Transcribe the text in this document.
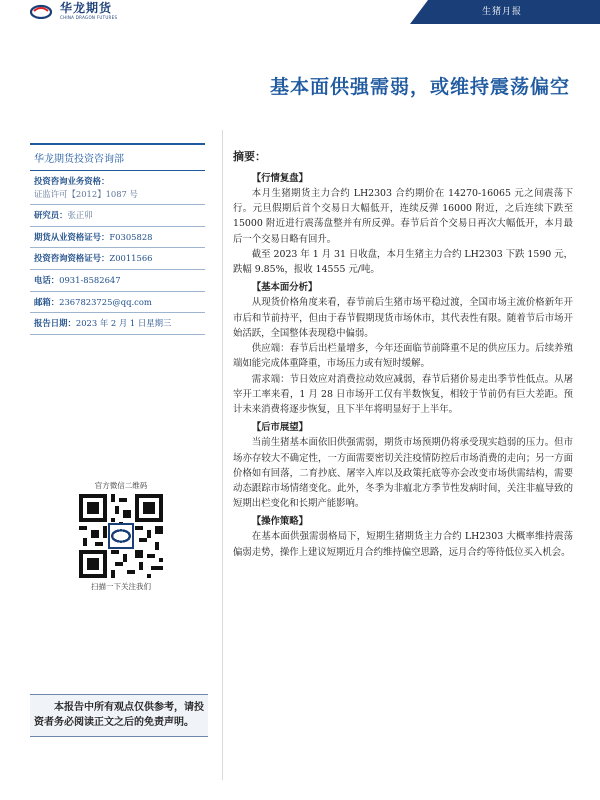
华龙期货
CHINA DRAGON FUTURES
生猪月报
基本面供强需弱，或维持震荡偏空
华龙期货投资咨询部
投资咨询业务资格：
证监许可【2012】1087 号
研究员：张正卯
期货从业资格证号：F0305828
投资咨询资格证号：Z0011566
电话：0931-8582647
邮箱：2367823725@qq.com
报告日期：2023 年 2 月 1 日星期三
官方微信二维码
扫描一下关注我们
本报告中所有观点仅供参考，请投资者务必阅读正文之后的免责声明。
摘要：
【行情复盘】

本月生猪期货主力合约 LH2303 合约期价在 14270-16065 元之间震荡下行。元旦假期后首个交易日大幅低开，连续反弹 16000 附近，之后连续下跌至 15000 附近进行震荡盘整并有所反弹。春节后首个交易日再次大幅低开，本月最后一个交易日略有回升。

截至 2023 年 1 月 31 日收盘，本月生猪主力合约 LH2303 下跌 1590 元，跌幅 9.85%，报收 14555 元/吨。

【基本面分析】

从现货价格角度来看，春节前后生猪市场平稳过渡，全国市场主流价格新年开市后和节前持平，但由于春节假期现货市场休市，其代表性有限。随着节后市场开始活跃，全国整体表现稳中偏弱。

供应端：春节后出栏量增多，今年还面临节前降重不足的供应压力。后续养殖端如能完成体重降重，市场压力或有短时缓解。

需求端：节日效应对消费拉动效应减弱，春节后猪价易走出季节性低点。从屠宰开工率来看，1 月 28 日市场开工仅有半数恢复，相较于节前仍有巨大差距。预计未来消费将逐步恢复，且下半年将明显好于上半年。

【后市展望】

当前生猪基本面依旧供强需弱，期货市场预期仍将承受现实趋弱的压力。但市场亦存较大不确定性，一方面需要密切关注疫情防控后市场消费的走向；另一方面价格如有回落，二育抄底、屠宰入库以及政策托底等亦会改变市场供需结构，需要动态跟踪市场情绪变化。此外，冬季为非瘟北方季节性发病时间，关注非瘟导致的短期出栏变化和长期产能影响。

【操作策略】

在基本面供强需弱格局下，短期生猪期货主力合约 LH2303 大概率维持震荡偏弱走势，操作上建议短期近月合约维持偏空思路，远月合约等待低位买入机会。
